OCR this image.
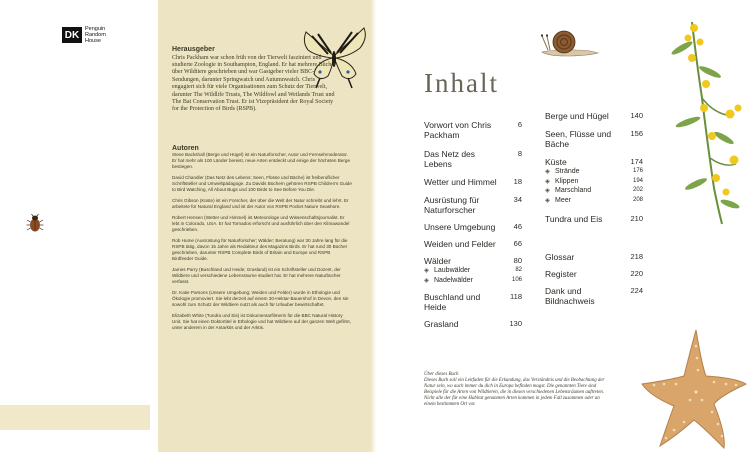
DK
Penguin Random House
Herausgeber
Chris Packham war schon früh von der Tierwelt fasziniert und studierte Zoologie in Southampton, England. Er hat mehrere Bücher über Wildtiere geschrieben und war Gastgeber vieler BBC-Sendungen, darunter Springwatch und Autumnwatch. Chris engagiert sich für viele Organisationen zum Schutz der Tierwelt, darunter The Wildlife Trusts, The Wildfowl and Wetlands Trust und The Bat Conservation Trust. Er ist Vizepräsident der Royal Society for the Protection of Birds (RSPB).
Autoren
Steve Backshall (Berge und Hügel) ist ein Naturforscher, Autor und Fernsehmoderator. Er hat mehr als 100 Länder bereist, neue Arten entdeckt und einige der höchsten Berge bestiegen.
David Chandler (Das Netz des Lebens; Seen, Flüsse und Bäche) ist freiberuflicher Schriftsteller und Umweltpädagoge. Zu Davids Büchern gehören RSPB Children's Guide to Bird Watching, All About Bugs und 100 Birds to See Before You Die.
Chris Gibson (Küste) ist ein Forscher, der über die Welt der Natur schreibt und lehrt. Er arbeitete für Natural England und ist der Autor von RSPB Pocket Nature Seashore.
Robert Hensen (Wetter und Himmel) ist Meteorologe und Wissenschaftsjournalist. Er lebt in Colorado, USA. Er hat Tornados erforscht und ausführlich über den Klimawandel geschrieben.
Rob Hume (Ausrüstung für Naturforscher; Wälder; Beratung) war 30 Jahre lang für die RSPB tätig, davon 15 Jahre als Redakteur des Magazins Birds. Er hat rund 30 Bücher geschrieben, darunter RSPB Complete Birds of Britain and Europe und RSPB Birdfeeder Guide.
James Parry (Buschland und Heide; Grasland) ist ein Schriftsteller und Dozent, der Wildtiere und verschiedene Lebensräume studiert hat. Er hat mehrere Naturbücher verfasst.
Dr. Katie Parsons (Unsere Umgebung; Weiden und Felder) wurde in Ethologie und Ökologie promoviert. Sie lebt derzeit auf einem 30-Hektar-Bauernhof in Devon, den sie sowohl zum Schutz der Wildtiere nutzt als auch für Urlauber bewirtschaftet.
Elizabeth White (Tundra und Eis) ist Dokumentarfilmerin für die BBC Natural History Unit. Sie hat einen Doktortitel in Ethologie und hat Wildtiere auf der ganzen Welt gefilmt, unter anderem in der Antarktis und der Arktis.
Inhalt
Vorwort von Chris Packham
6
Das Netz des Lebens
8
Wetter und Himmel	18
Ausrüstung für Naturforscher
34
Unsere Umgebung	46
Weiden und Felder	66
Wälder	80
◈ Laubwälder	82
◈ Nadelwälder	106
Buschland und Heide
118
Grasland	130
Berge und Hügel	140
Seen, Flüsse und Bäche
156
Küste	174
◈ Strände	176
◈ Klippen	194
◈ Marschland	202
◈ Meer	208
Tundra und Eis	210
Glossar	218
Register	220
Dank und Bildnachweis
224
Über dieses Buch
Dieses Buch soll ein Leitfaden für die Erkundung, das Verständnis und die Beobachtung der Natur sein, wo auch immer du dich in Europa befinden magst. Die genannten Tiere sind Beispiele für die Arten von Wildtieren, die in diesen verschiedenen Lebensräumen auftreten. Nicht alle der für eine Habitat genannten Arten kommen in jedem Fall zusammen oder an einem bestimmten Ort vor.
